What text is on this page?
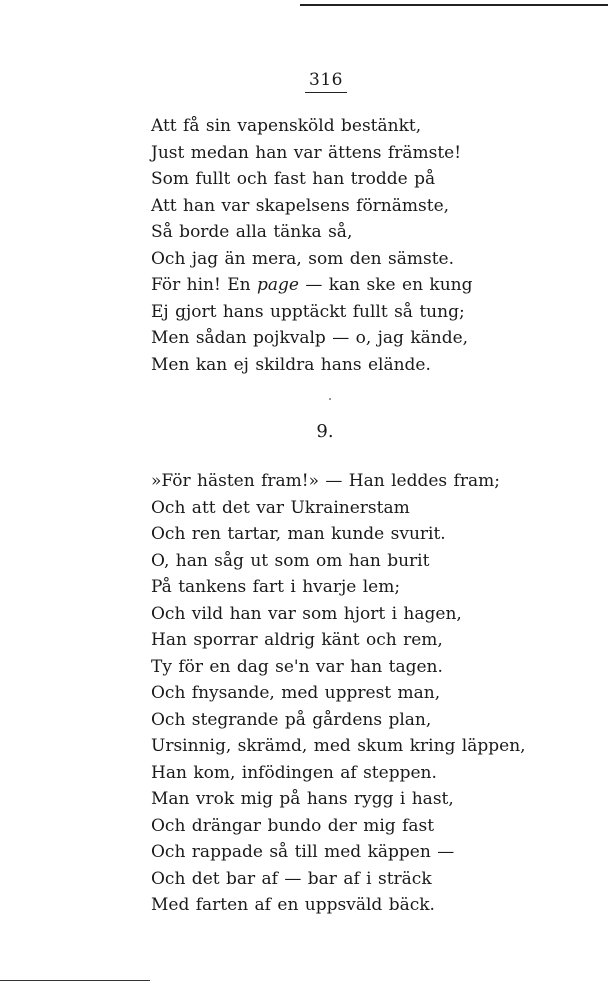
316
Att få sin vapensköld bestänkt,
Just medan han var ättens främste!
Som fullt och fast han trodde på
Att han var skapelsens förnämste,
Så borde alla tänka så,
Och jag än mera, som den sämste.
För hin! En page — kan ske en kung
Ej gjort hans upptäckt fullt så tung;
Men sådan pojkvalp — o, jag kände,
Men kan ej skildra hans elände.
9.
»För hästen fram!» — Han leddes fram;
Och att det var Ukrainerstam
Och ren tartar, man kunde svurit.
O, han såg ut som om han burit
På tankens fart i hvarje lem;
Och vild han var som hjort i hagen,
Han sporrar aldrig känt och rem,
Ty för en dag se'n var han tagen.
Och fnysande, med upprest man,
Och stegrande på gårdens plan,
Ursinnig, skrämd, med skum kring läppen,
Han kom, infödingen af steppen.
Man vrok mig på hans rygg i hast,
Och drängar bundo der mig fast
Och rappade så till med käppen —
Och det bar af — bar af i sträck
Med farten af en uppsväld bäck.
